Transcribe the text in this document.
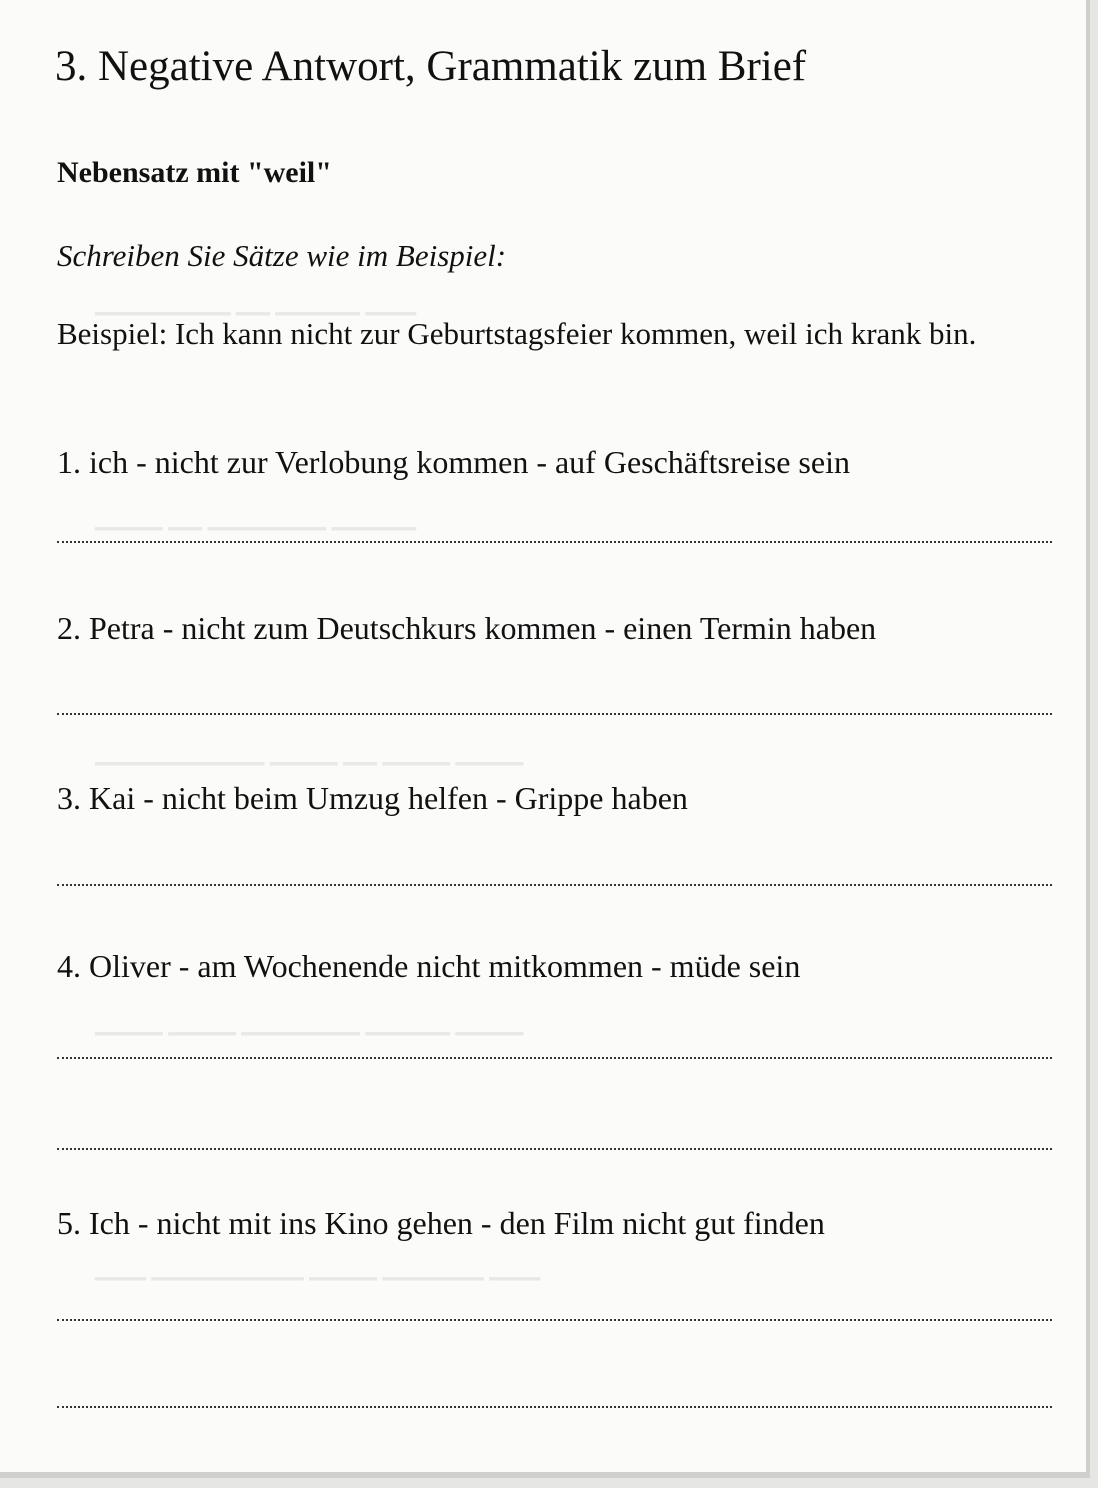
▁▁▁ ▁▁▁▁▁ ▁▁ ▁▁▁▁▁▁▁▁
▁▁▁▁▁ ▁▁▁▁▁▁▁ ▁▁ ▁▁▁▁
▁▁▁▁ ▁▁▁▁ ▁▁ ▁▁▁▁ ▁▁▁▁▁▁▁▁▁▁
▁▁▁▁ ▁▁▁▁▁ ▁▁▁▁▁▁▁ ▁▁▁▁ ▁▁▁▁
▁▁▁ ▁▁▁▁▁▁ ▁▁▁▁ ▁▁▁▁▁▁▁▁▁ ▁▁▁
3. Negative Antwort, Grammatik zum Brief
Nebensatz mit "weil"
Schreiben Sie Sätze wie im Beispiel:
Beispiel: Ich kann nicht zur Geburtstagsfeier kommen, weil ich krank bin.
1. ich - nicht zur Verlobung kommen - auf Geschäftsreise sein
2. Petra - nicht zum Deutschkurs kommen - einen Termin haben
3. Kai - nicht beim Umzug helfen - Grippe haben
4. Oliver - am Wochenende nicht mitkommen - müde sein
5. Ich - nicht mit ins Kino gehen - den Film nicht gut finden
